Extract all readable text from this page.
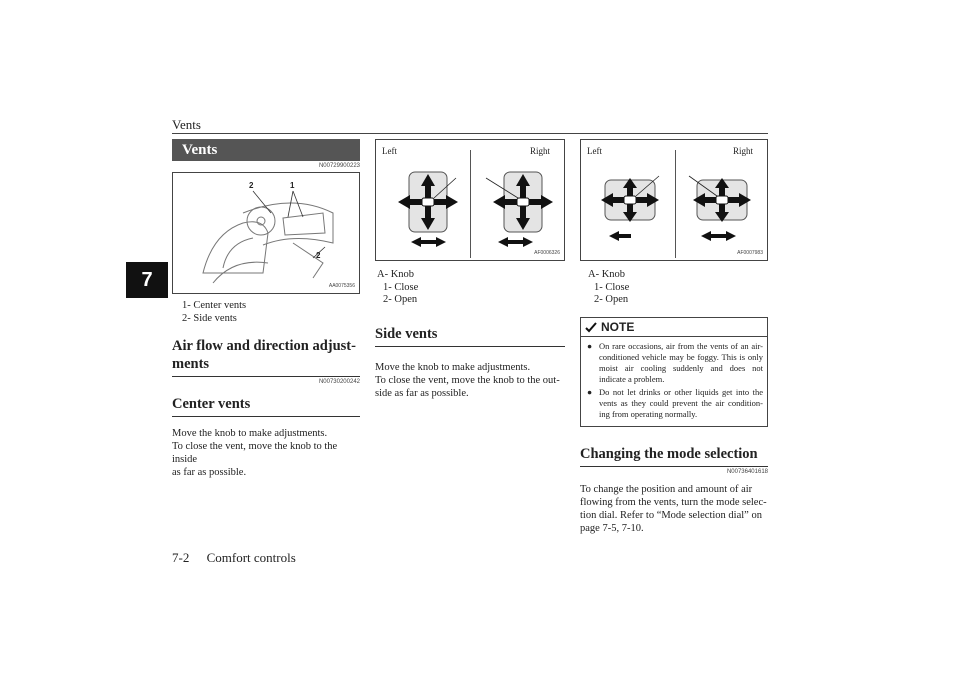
Vents
7
Vents
N00729900223
2	1
2
AA0075356
1- Center vents
2- Side vents
Air flow and direction adjust-ments
N00730200242
Center vents
Move the knob to make adjustments.
To close the vent, move the knob to the inside
as far as possible.
Left	Right
AF0006326
A- Knob
1- Close
2- Open
Side vents
Move the knob to make adjustments.
To close the vent, move the knob to the out-
side as far as possible.
Left	Right
AF0007983
A- Knob
1- Close
2- Open
NOTE
● On rare occasions, air from the vents of an air-conditioned vehicle may be foggy. This is only moist air cooling suddenly and does not indicate a problem.
● Do not let drinks or other liquids get into the vents as they could prevent the air condition-ing from operating normally.
Changing the mode selection
N00736401618
To change the position and amount of air
flowing from the vents, turn the mode selec-
tion dial. Refer to “Mode selection dial” on
page 7-5, 7-10.
7-2 Comfort controls
